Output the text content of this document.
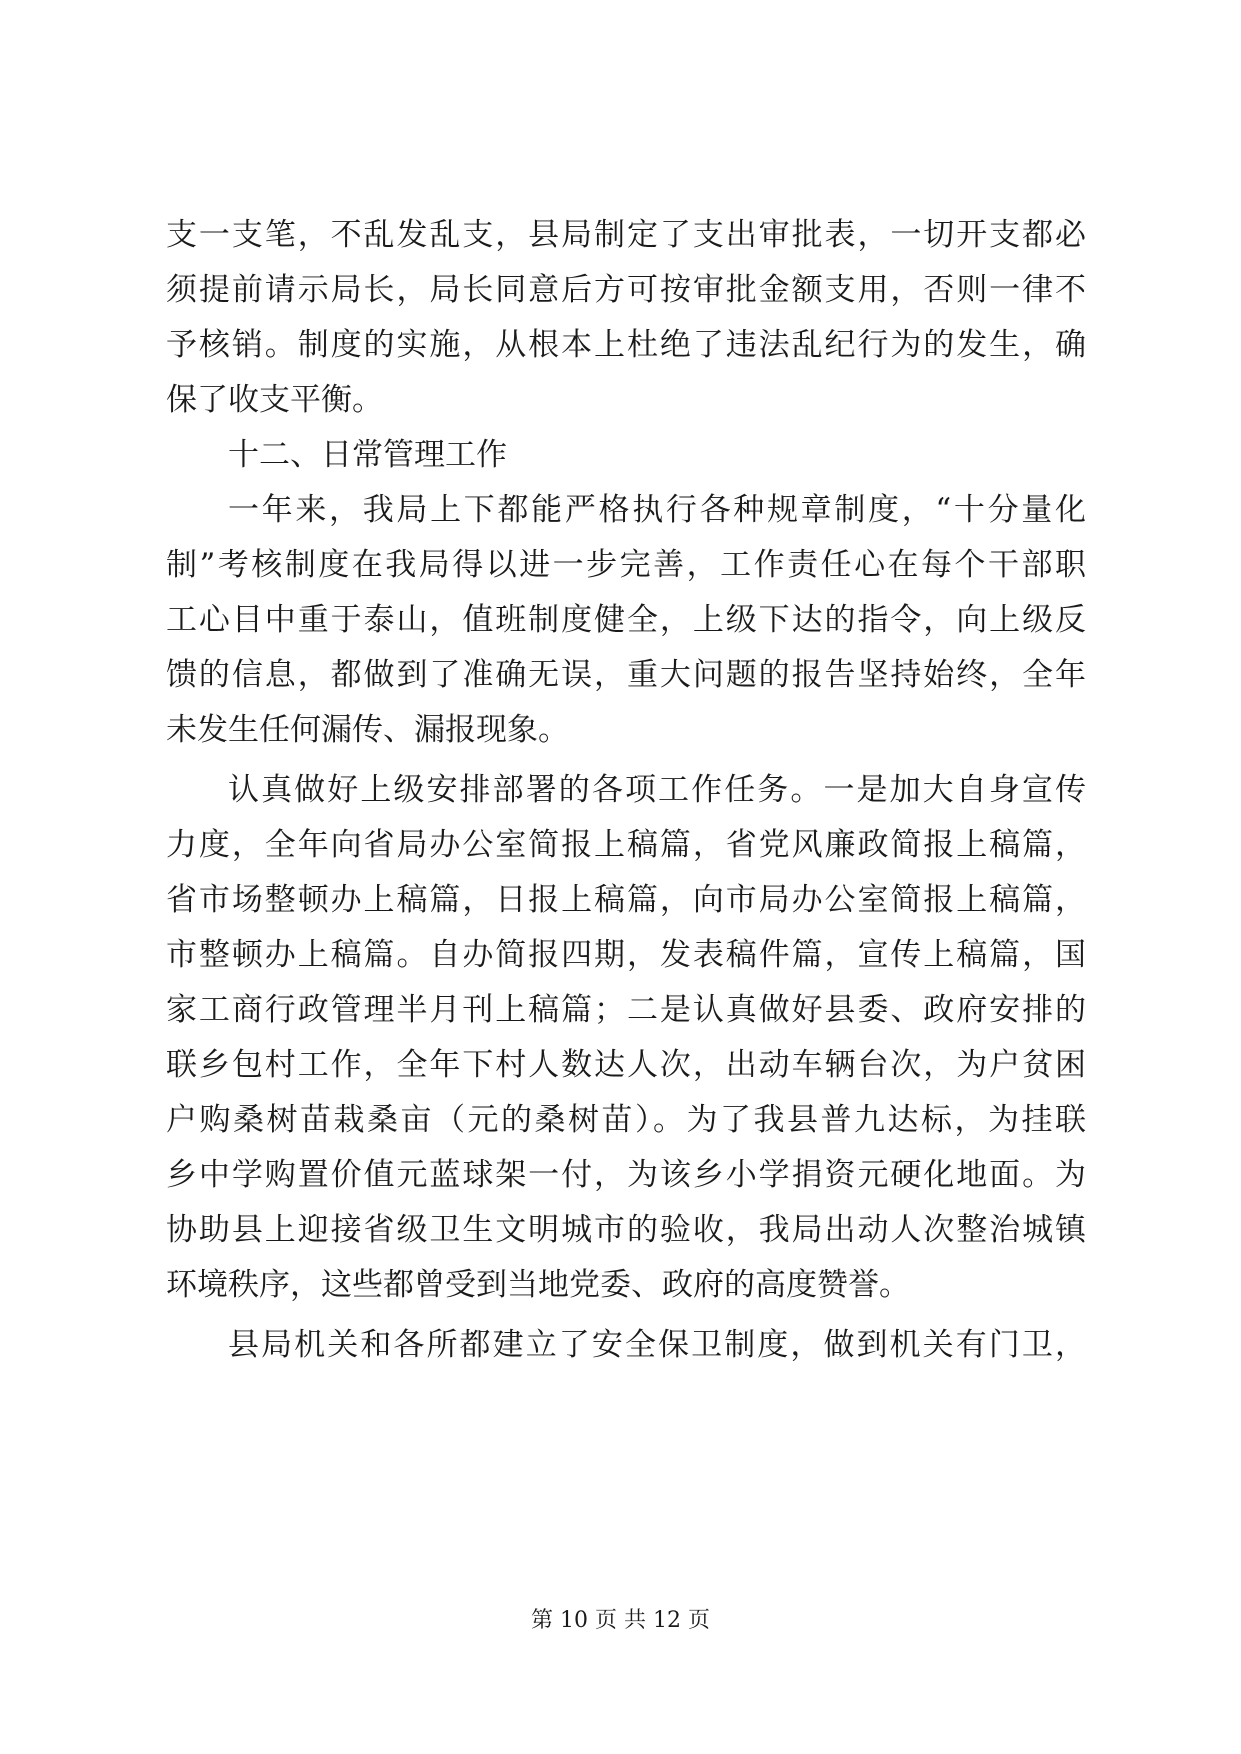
支一支笔，不乱发乱支，县局制定了支出审批表，一切开支都必
须提前请示局长，局长同意后方可按审批金额支用，否则一律不
予核销。制度的实施，从根本上杜绝了违法乱纪行为的发生，确
保了收支平衡。
十二、日常管理工作
一年来，我局上下都能严格执行各种规章制度，“十分量化
制”考核制度在我局得以进一步完善，工作责任心在每个干部职
工心目中重于泰山，值班制度健全，上级下达的指令，向上级反
馈的信息，都做到了准确无误，重大问题的报告坚持始终，全年
未发生任何漏传、漏报现象。
认真做好上级安排部署的各项工作任务。一是加大自身宣传
力度，全年向省局办公室简报上稿篇，省党风廉政简报上稿篇，
省市场整顿办上稿篇，日报上稿篇，向市局办公室简报上稿篇，
市整顿办上稿篇。自办简报四期，发表稿件篇，宣传上稿篇，国
家工商行政管理半月刊上稿篇；二是认真做好县委、政府安排的
联乡包村工作，全年下村人数达人次，出动车辆台次，为户贫困
户购桑树苗栽桑亩（元的桑树苗）。为了我县普九达标，为挂联
乡中学购置价值元蓝球架一付，为该乡小学捐资元硬化地面。为
协助县上迎接省级卫生文明城市的验收，我局出动人次整治城镇
环境秩序，这些都曾受到当地党委、政府的高度赞誉。
县局机关和各所都建立了安全保卫制度，做到机关有门卫，
第 10 页 共 12 页
